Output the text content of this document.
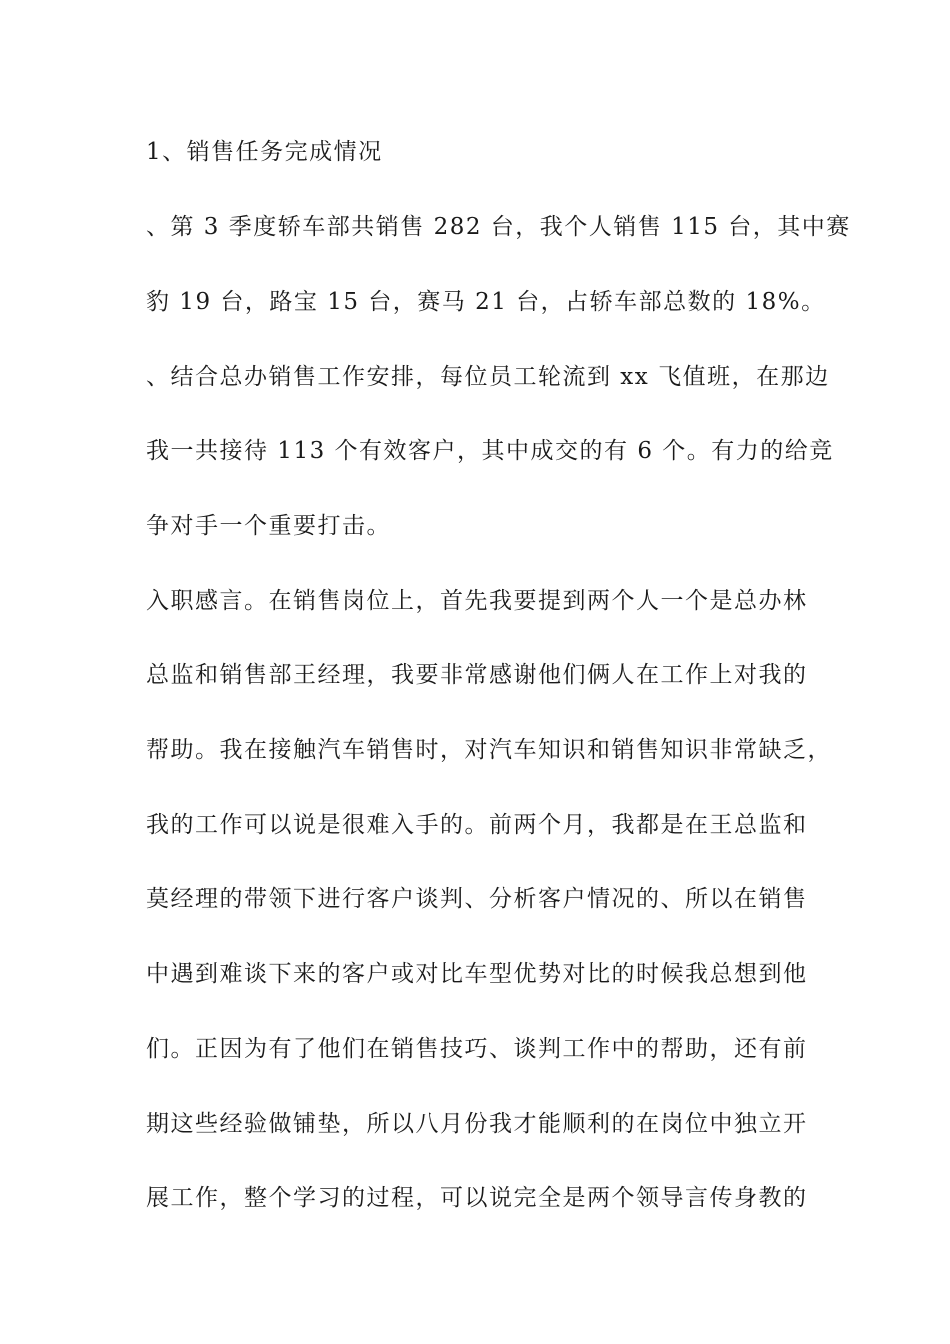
1、销售任务完成情况
、第 3 季度轿车部共销售 282 台，我个人销售 115 台，其中赛
豹 19 台，路宝 15 台，赛马 21 台，占轿车部总数的 18%。
、结合总办销售工作安排，每位员工轮流到 xx 飞值班，在那边
我一共接待 113 个有效客户，其中成交的有 6 个。有力的给竞
争对手一个重要打击。
入职感言。在销售岗位上，首先我要提到两个人一个是总办林
总监和销售部王经理，我要非常感谢他们俩人在工作上对我的
帮助。我在接触汽车销售时，对汽车知识和销售知识非常缺乏，
我的工作可以说是很难入手的。前两个月，我都是在王总监和
莫经理的带领下进行客户谈判、分析客户情况的、所以在销售
中遇到难谈下来的客户或对比车型优势对比的时候我总想到他
们。正因为有了他们在销售技巧、谈判工作中的帮助，还有前
期这些经验做铺垫，所以八月份我才能顺利的在岗位中独立开
展工作，整个学习的过程，可以说完全是两个领导言传身教的
